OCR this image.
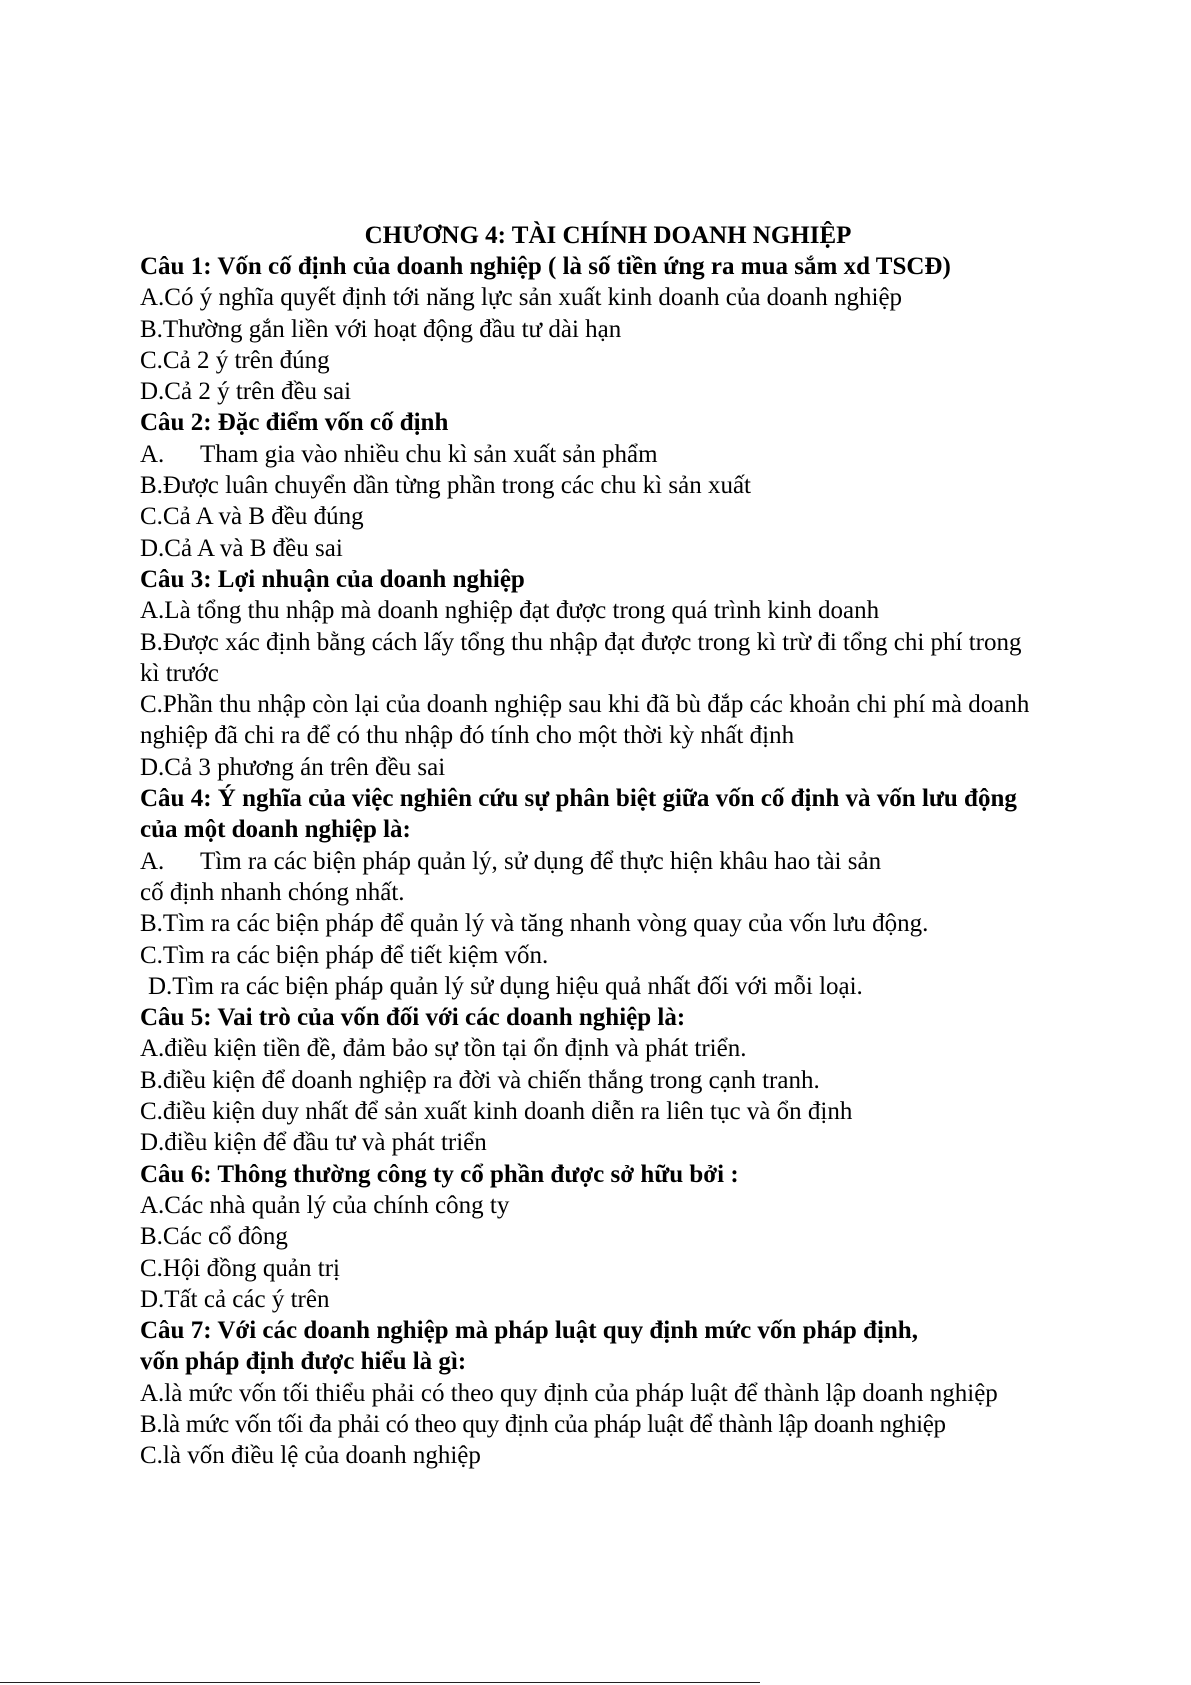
CHƯƠNG 4: TÀI CHÍNH DOANH NGHIỆP

Câu 1: Vốn cố định của doanh nghiệp ( là số tiền ứng ra mua sắm xd TSCĐ)

A.Có ý nghĩa quyết định tới năng lực sản xuất kinh doanh của doanh nghiệp

B.Thường gắn liền với hoạt động đầu tư dài hạn

C.Cả 2 ý trên đúng

D.Cả 2 ý trên đều sai

Câu 2: Đặc điểm vốn cố định

A. Tham gia vào nhiều chu kì sản xuất sản phẩm

B.Được luân chuyển dần từng phần trong các chu kì sản xuất

C.Cả A và B đều đúng

D.Cả A và B đều sai

Câu 3: Lợi nhuận của doanh nghiệp

A.Là tổng thu nhập mà doanh nghiệp đạt được trong quá trình kinh doanh

B.Được xác định bằng cách lấy tổng thu nhập đạt được trong kì trừ đi tổng chi phí trong kì trước

C.Phần thu nhập còn lại của doanh nghiệp sau khi đã bù đắp các khoản chi phí mà doanh nghiệp đã chi ra để có thu nhập đó tính cho một thời kỳ nhất định

D.Cả 3 phương án trên đều sai

Câu 4: Ý nghĩa của việc nghiên cứu sự phân biệt giữa vốn cố định và vốn lưu động của một doanh nghiệp là:

A. Tìm ra các biện pháp quản lý, sử dụng để thực hiện khâu hao tài sản cố định nhanh chóng nhất.

B.Tìm ra các biện pháp để quản lý và tăng nhanh vòng quay của vốn lưu động.

C.Tìm ra các biện pháp để tiết kiệm vốn.

D.Tìm ra các biện pháp quản lý sử dụng hiệu quả nhất đối với mỗi loại.

Câu 5: Vai trò của vốn đối với các doanh nghiệp là:

A.điều kiện tiền đề, đảm bảo sự tồn tại ổn định và phát triển.

B.điều kiện để doanh nghiệp ra đời và chiến thắng trong cạnh tranh.

C.điều kiện duy nhất để sản xuất kinh doanh diễn ra liên tục và ổn định

D.điều kiện để đầu tư và phát triển

Câu 6: Thông thường công ty cổ phần được sở hữu bởi :

A.Các nhà quản lý của chính công ty

B.Các cổ đông

C.Hội đồng quản trị

D.Tất cả các ý trên

Câu 7: Với các doanh nghiệp mà pháp luật quy định mức vốn pháp định, vốn pháp định được hiểu là gì:

A.là mức vốn tối thiểu phải có theo quy định của pháp luật để thành lập doanh nghiệp

B.là mức vốn tối đa phải có theo quy định của pháp luật để thành lập doanh nghiệp

C.là vốn điều lệ của doanh nghiệp
